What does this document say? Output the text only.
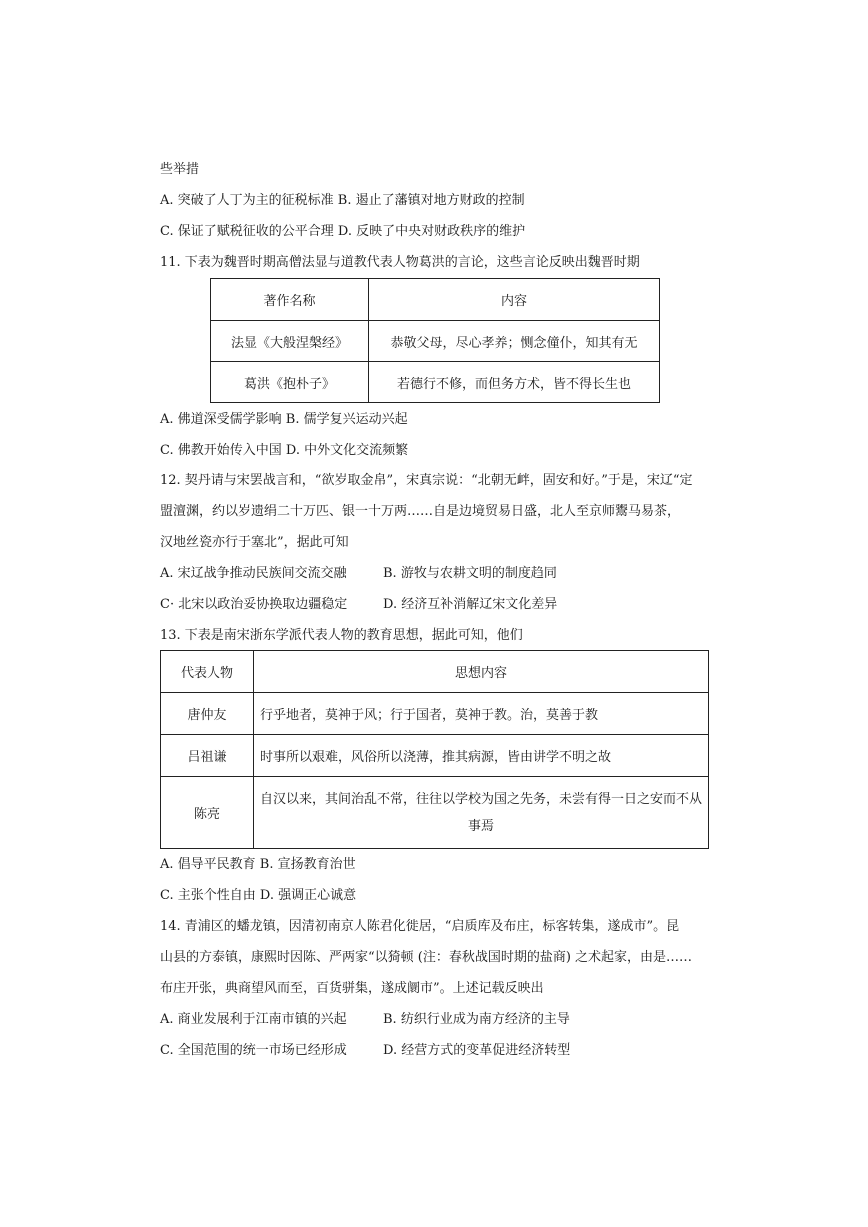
些举措
A. 突破了人丁为主的征税标准 B. 遏止了藩镇对地方财政的控制
C. 保证了赋税征收的公平合理 D. 反映了中央对财政秩序的维护
11. 下表为魏晋时期高僧法显与道教代表人物葛洪的言论，这些言论反映出魏晋时期
著作名称	内容
法显《大般涅槃经》	恭敬父母，尽心孝养；恻念僮仆，知其有无
葛洪《抱朴子》	若德行不修，而但务方术，皆不得长生也
A. 佛道深受儒学影响 B. 儒学复兴运动兴起
C. 佛教开始传入中国 D. 中外文化交流频繁
12. 契丹请与宋罢战言和，“欲岁取金帛”，宋真宗说：“北朝无衅，固安和好。”于是，宋辽“定
盟澶渊，约以岁遗绢二十万匹、银一十万两……自是边境贸易日盛，北人至京师鬻马易茶，
汉地丝瓷亦行于塞北”，据此可知
A. 宋辽战争推动民族间交流交融	B. 游牧与农耕文明的制度趋同
C· 北宋以政治妥协换取边疆稳定	D. 经济互补消解辽宋文化差异
13. 下表是南宋浙东学派代表人物的教育思想，据此可知，他们
代表人物	思想内容
唐仲友	行乎地者，莫神于风；行于国者，莫神于教。治，莫善于教
吕祖谦	时事所以艰难，风俗所以浇薄，推其病源，皆由讲学不明之故
陈亮	自汉以来，其间治乱不常，往往以学校为国之先务，未尝有得一日之安而不从事焉
A. 倡导平民教育 B. 宣扬教育治世
C. 主张个性自由 D. 强调正心诚意
14. 青浦区的蟠龙镇，因清初南京人陈君化徙居，“启质库及布庄，标客转集，遂成市”。昆
山县的方泰镇，康熙时因陈、严两家“以猗顿 (注：春秋战国时期的盐商) 之术起家，由是……
布庄开张，典商望风而至，百货骈集，遂成阛市”。上述记载反映出
A. 商业发展利于江南市镇的兴起	B. 纺织行业成为南方经济的主导
C. 全国范围的统一市场已经形成	D. 经营方式的变革促进经济转型
